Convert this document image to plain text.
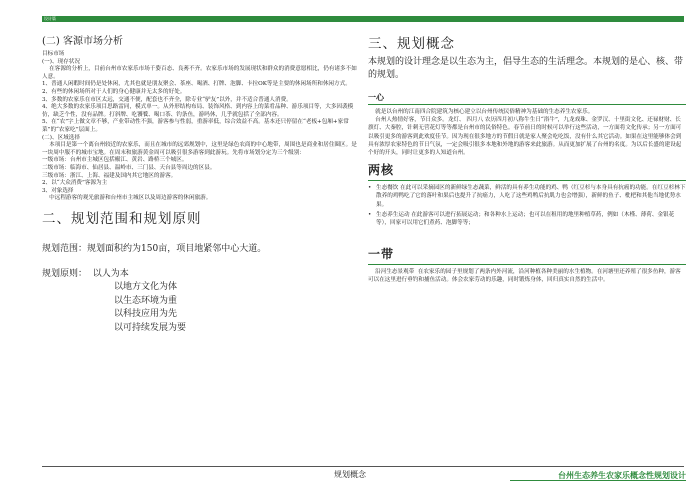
设计篇

(二) 客源市场分析

目标市场
(一)、现存状况
在客源的分析上，目前台州市农家乐市场千姿百态、良莠不齐。农家乐市场的发展现状和群众的消费意愿相比，仍有诸多不如人意。
1、普通人闲暇时间仍是处休闲，尤其也就是朋友聚会、茶座、喝酒、打牌、泡脚、卡拉OK等是主要的休闲场所和休闲方式。
2、有些的休闲场所对于人们的身心健康并无太多的好处。
3、多数的农家乐在市区太远，交通不便，配套也不齐全，除专业“驴友”以外，并不适合普通人消费。
4、绝大多数的农家乐项目思路雷同，模式单一。从外形结构布局、装饰风格、到内容上的菜肴品种、游乐项目等，大多因袭模仿，缺乏个性，没有品牌。打斜牌、吃饕餮、喝口茶、钓条鱼，游吗休，几乎就包括了全部内容。
5、在“农”字上做文章不够，产业带动性不强，游客参与性弱，重游率低，综合效益不高。基本还只停留在“老板+包厢+家常菜”的“农家吃”层面上。
(二)、区域选择
本项目是第一个离台州较近的农家乐，而且在城市的远郊规划中，这里是绿色农商的中心地带，周围也是商业和居住圈区。是一块周中服不的城市宝地。在周末和旅游黄金周可以吸引很多游客到此游玩。先将市场划分定为三个级别：
一级市场：台州市主城区包括椒江、黄岩、路桥三个城区。
二级市场：临海市、仙居县、温岭市、三门县、天台县等周边的区县。
三级市场：浙江、上海、福建及国内其它地区的游客。
2、以“大众消费”客源为主
3、对象选择
中远程游客的观光旅游和台州市主城区以及周边游客的休闲旅游。

二、规划范围和规划原则

规划范围：规划面积约为150亩，项目地紧邻中心大道。

规划原则： 以人为本
以地方文化为体
以生态环境为重
以科技应用为先
以可持续发展为要

三、规划概念

本规划的设计理念是以生态为主，倡导生态的生活理念。本规划的是心、核、带的规划。

一心

就是以台州的江南四合院建筑为核心建立以台州传统民俗精神为基础的生态养生农家乐。
台州人热情好客，节日众多。龙灯、 四月八 农历四月初八称牛生日“浴牛”，九龙戏珠、金罗汉、十里街文化、还禄财财、长旗灯、大秦腔，针刺无营花灯等等都是台州市的民俗特色。春节前日的时候可以举行这些活动，一方面将文化传承；另一方面可以吸引更多的游客到此欢度佳节。因为现在很多地方的节假日就是家人聚会吃吃饭，没有什么其它活动。如果在这里能够体会到具有浓厚农家特色的节日气氛，一定会吸引很多本地和外地的游客来此旅游。从而更加扩展了台州的名度。为以后长盛的建设起个好的开头，同时让更多的人知道台州。

两核

• 生态餐饮 在此可以采摘园区的新鲜绿生态蔬菜，鲜活的具有养生功能的鸡、鸭（红豆杉与本身具有抗癌的功能。在红豆杉林下散养的鸡鸭吃了它的落叶和果后也提升了抗癌力，人吃了这些鸡鸭后抗肌力也会增强），新鲜的鱼子、枇杷和其他当地优势水果。
• 生态养生运动 在此游客可以进行拓展运动；和各种水上运动；也可以在租用的地里种植草药，例如（木槿、薄荷、金银花等），回家可以用它们煮药、泡脚等等；

一带

沿河生态景观带  在农家乐的园子里规划了两条内外河流，沿河种植各种美丽的水生植物。在河塘里还养殖了很多鱼种，游客可以在这里进行垂钓和捕鱼活动。体会农家劳动的乐趣，同时锻炼身体，回归真实自然的生活中。

规划概念	台州生态养生农家乐概念性规划设计
